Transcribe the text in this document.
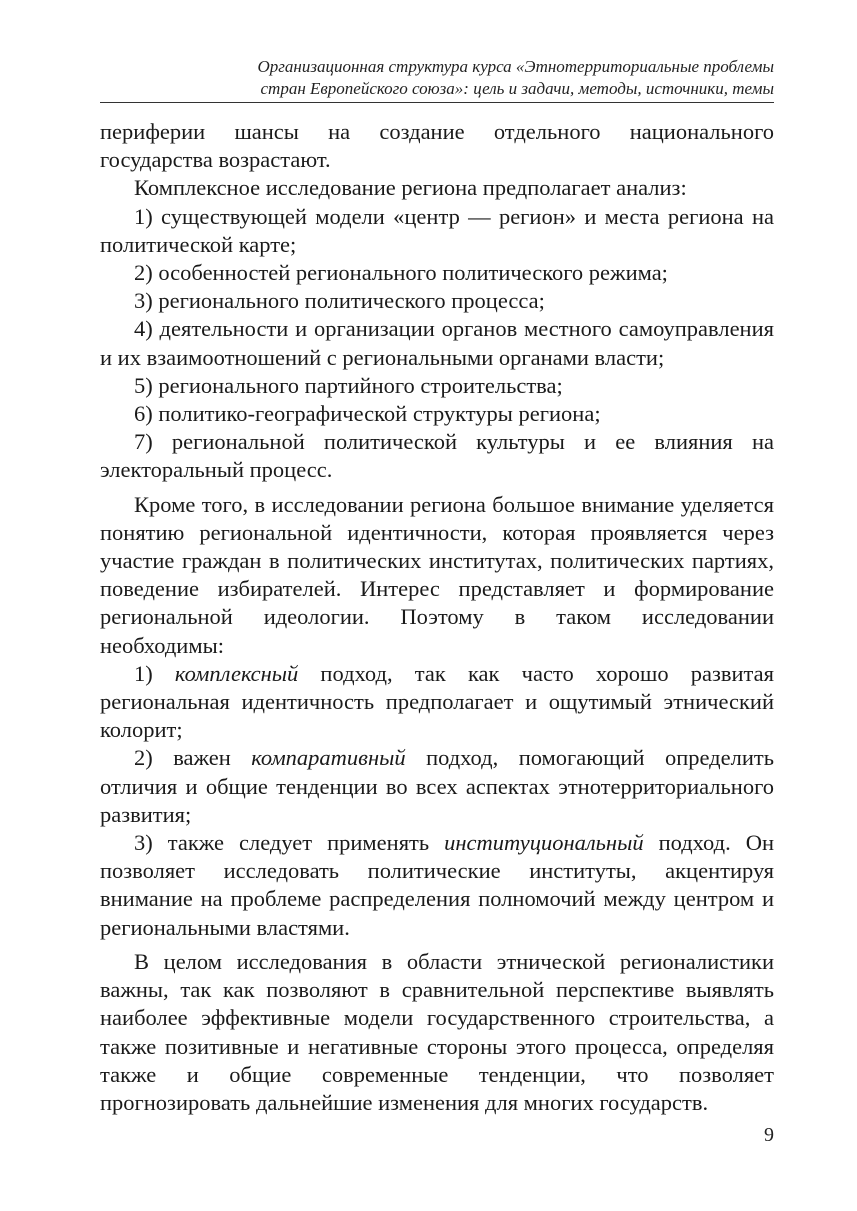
Организационная структура курса «Этнотерриториальные проблемы
стран Европейского союза»: цель и задачи, методы, источники, темы

периферии шансы на создание отдельного национального государства возрастают.

Комплексное исследование региона предполагает анализ:

1) существующей модели «центр — регион» и места региона на политической карте;

2) особенностей регионального политического режима;

3) регионального политического процесса;

4) деятельности и организации органов местного самоуправления и их взаимоотношений с региональными органами власти;

5) регионального партийного строительства;

6) политико-географической структуры региона;

7) региональной политической культуры и ее влияния на электоральный процесс.

Кроме того, в исследовании региона большое внимание уделяется понятию региональной идентичности, которая проявляется через участие граждан в политических институтах, политических партиях, поведение избирателей. Интерес представляет и формирование региональной идеологии. Поэтому в таком исследовании необходимы:

1) комплексный подход, так как часто хорошо развитая региональная идентичность предполагает и ощутимый этнический колорит;

2) важен компаративный подход, помогающий определить отличия и общие тенденции во всех аспектах этнотерриториального развития;

3) также следует применять институциональный подход. Он позволяет исследовать политические институты, акцентируя внимание на проблеме распределения полномочий между центром и региональными властями.

В целом исследования в области этнической регионалистики важны, так как позволяют в сравнительной перспективе выявлять наиболее эффективные модели государственного строительства, а также позитивные и негативные стороны этого процесса, определяя также и общие современные тенденции, что позволяет прогнозировать дальнейшие изменения для многих государств.

9
